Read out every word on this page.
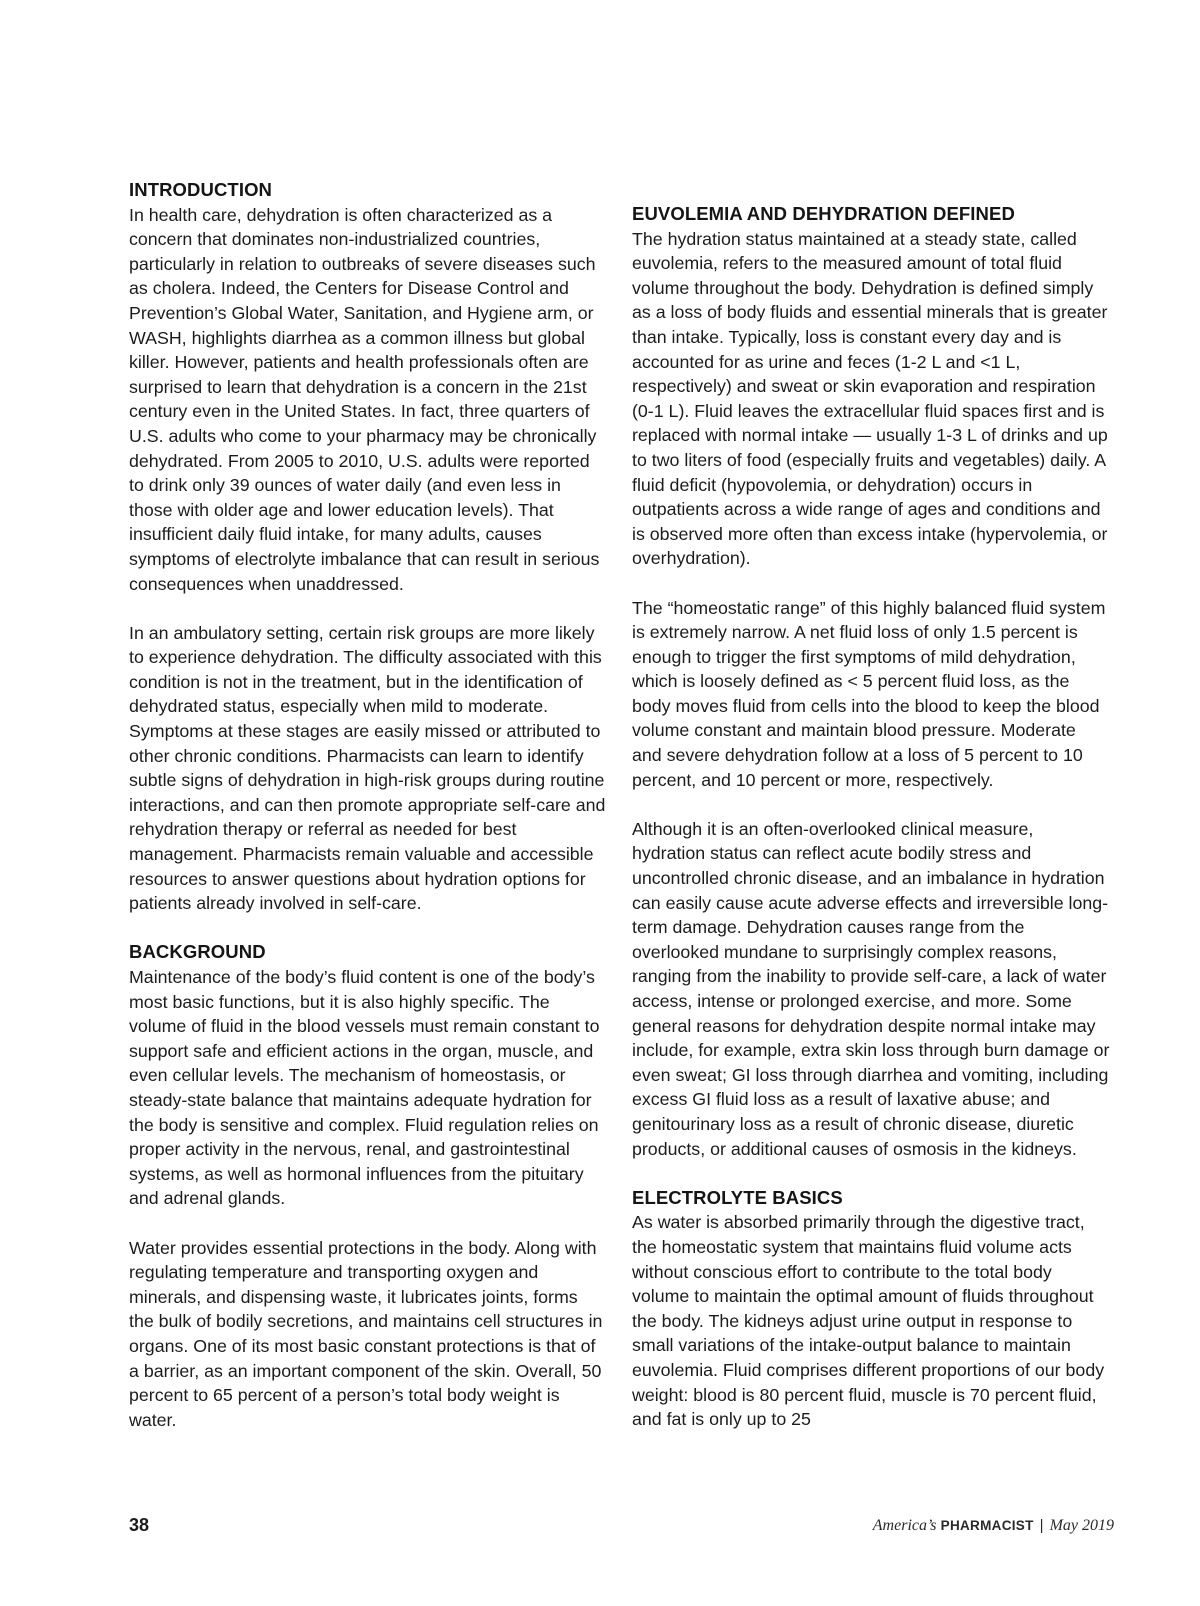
INTRODUCTION

In health care, dehydration is often characterized as a concern that dominates non-industrialized countries, particularly in relation to outbreaks of severe diseases such as cholera. Indeed, the Centers for Disease Control and Prevention’s Global Water, Sanitation, and Hygiene arm, or WASH, highlights diarrhea as a common illness but global killer. However, patients and health professionals often are surprised to learn that dehydration is a concern in the 21st century even in the United States. In fact, three quarters of U.S. adults who come to your pharmacy may be chronically dehydrated. From 2005 to 2010, U.S. adults were reported to drink only 39 ounces of water daily (and even less in those with older age and lower education levels). That insufficient daily fluid intake, for many adults, causes symptoms of electrolyte imbalance that can result in serious consequences when unaddressed.

In an ambulatory setting, certain risk groups are more likely to experience dehydration. The difficulty associated with this condition is not in the treatment, but in the identification of dehydrated status, especially when mild to moderate. Symptoms at these stages are easily missed or attributed to other chronic conditions. Pharmacists can learn to identify subtle signs of dehydration in high-risk groups during routine interactions, and can then promote appropriate self-care and rehydration therapy or referral as needed for best management. Pharmacists remain valuable and accessible resources to answer questions about hydration options for patients already involved in self-care.

BACKGROUND

Maintenance of the body’s fluid content is one of the body’s most basic functions, but it is also highly specific. The volume of fluid in the blood vessels must remain constant to support safe and efficient actions in the organ, muscle, and even cellular levels. The mechanism of homeostasis, or steady-state balance that maintains adequate hydration for the body is sensitive and complex. Fluid regulation relies on proper activity in the nervous, renal, and gastrointestinal systems, as well as hormonal influences from the pituitary and adrenal glands.

Water provides essential protections in the body. Along with regulating temperature and transporting oxygen and minerals, and dispensing waste, it lubricates joints, forms the bulk of bodily secretions, and maintains cell structures in organs. One of its most basic constant protections is that of a barrier, as an important component of the skin. Overall, 50 percent to 65 percent of a person’s total body weight is water.

EUVOLEMIA AND DEHYDRATION DEFINED

The hydration status maintained at a steady state, called euvolemia, refers to the measured amount of total fluid volume throughout the body. Dehydration is defined simply as a loss of body fluids and essential minerals that is greater than intake. Typically, loss is constant every day and is accounted for as urine and feces (1-2 L and <1 L, respectively) and sweat or skin evaporation and respiration (0-1 L). Fluid leaves the extracellular fluid spaces first and is replaced with normal intake — usually 1-3 L of drinks and up to two liters of food (especially fruits and vegetables) daily. A fluid deficit (hypovolemia, or dehydration) occurs in outpatients across a wide range of ages and conditions and is observed more often than excess intake (hypervolemia, or overhydration).

The “homeostatic range” of this highly balanced fluid system is extremely narrow. A net fluid loss of only 1.5 percent is enough to trigger the first symptoms of mild dehydration, which is loosely defined as < 5 percent fluid loss, as the body moves fluid from cells into the blood to keep the blood volume constant and maintain blood pressure. Moderate and severe dehydration follow at a loss of 5 percent to 10 percent, and 10 percent or more, respectively.

Although it is an often-overlooked clinical measure, hydration status can reflect acute bodily stress and uncontrolled chronic disease, and an imbalance in hydration can easily cause acute adverse effects and irreversible long-term damage. Dehydration causes range from the overlooked mundane to surprisingly complex reasons, ranging from the inability to provide self-care, a lack of water access, intense or prolonged exercise, and more. Some general reasons for dehydration despite normal intake may include, for example, extra skin loss through burn damage or even sweat; GI loss through diarrhea and vomiting, including excess GI fluid loss as a result of laxative abuse; and genitourinary loss as a result of chronic disease, diuretic products, or additional causes of osmosis in the kidneys.

ELECTROLYTE BASICS

As water is absorbed primarily through the digestive tract, the homeostatic system that maintains fluid volume acts without conscious effort to contribute to the total body volume to maintain the optimal amount of fluids throughout the body. The kidneys adjust urine output in response to small variations of the intake-output balance to maintain euvolemia. Fluid comprises different proportions of our body weight: blood is 80 percent fluid, muscle is 70 percent fluid, and fat is only up to 25

38	America’s PHARMACIST | May 2019
